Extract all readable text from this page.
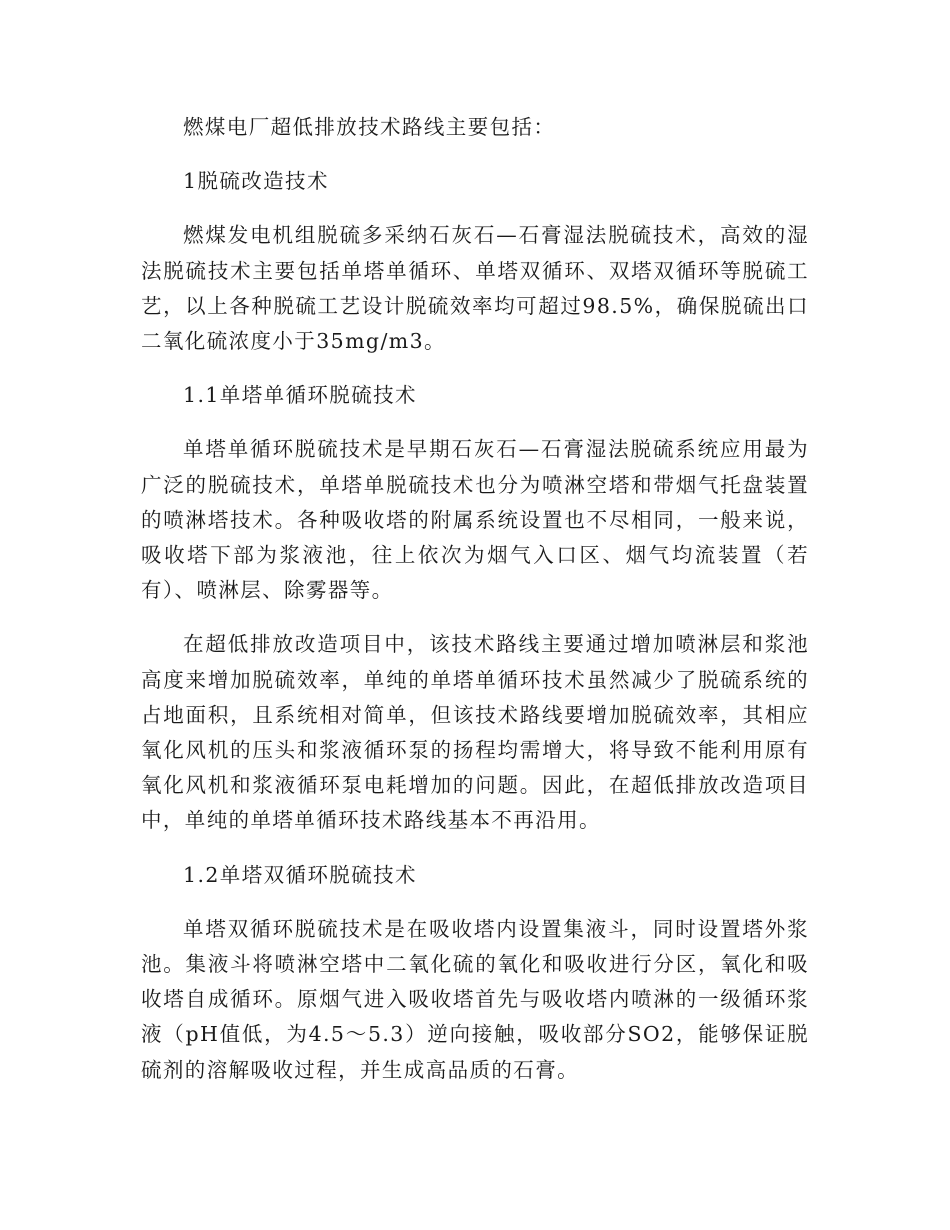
燃煤电厂超低排放技术路线主要包括：

1脱硫改造技术

燃煤发电机组脱硫多采纳石灰石—石膏湿法脱硫技术，高效的湿法脱硫技术主要包括单塔单循环、单塔双循环、双塔双循环等脱硫工艺，以上各种脱硫工艺设计脱硫效率均可超过98.5%，确保脱硫出口二氧化硫浓度小于35mg/m3。

1.1单塔单循环脱硫技术

单塔单循环脱硫技术是早期石灰石—石膏湿法脱硫系统应用最为广泛的脱硫技术，单塔单脱硫技术也分为喷淋空塔和带烟气托盘装置的喷淋塔技术。各种吸收塔的附属系统设置也不尽相同，一般来说，吸收塔下部为浆液池，往上依次为烟气入口区、烟气均流装置（若有）、喷淋层、除雾器等。

在超低排放改造项目中，该技术路线主要通过增加喷淋层和浆池高度来增加脱硫效率，单纯的单塔单循环技术虽然减少了脱硫系统的占地面积，且系统相对简单，但该技术路线要增加脱硫效率，其相应氧化风机的压头和浆液循环泵的扬程均需增大，将导致不能利用原有氧化风机和浆液循环泵电耗增加的问题。因此，在超低排放改造项目中，单纯的单塔单循环技术路线基本不再沿用。

1.2单塔双循环脱硫技术

单塔双循环脱硫技术是在吸收塔内设置集液斗，同时设置塔外浆池。集液斗将喷淋空塔中二氧化硫的氧化和吸收进行分区，氧化和吸收塔自成循环。原烟气进入吸收塔首先与吸收塔内喷淋的一级循环浆液（pH值低，为4.5～5.3）逆向接触，吸收部分SO2，能够保证脱硫剂的溶解吸收过程，并生成高品质的石膏。
